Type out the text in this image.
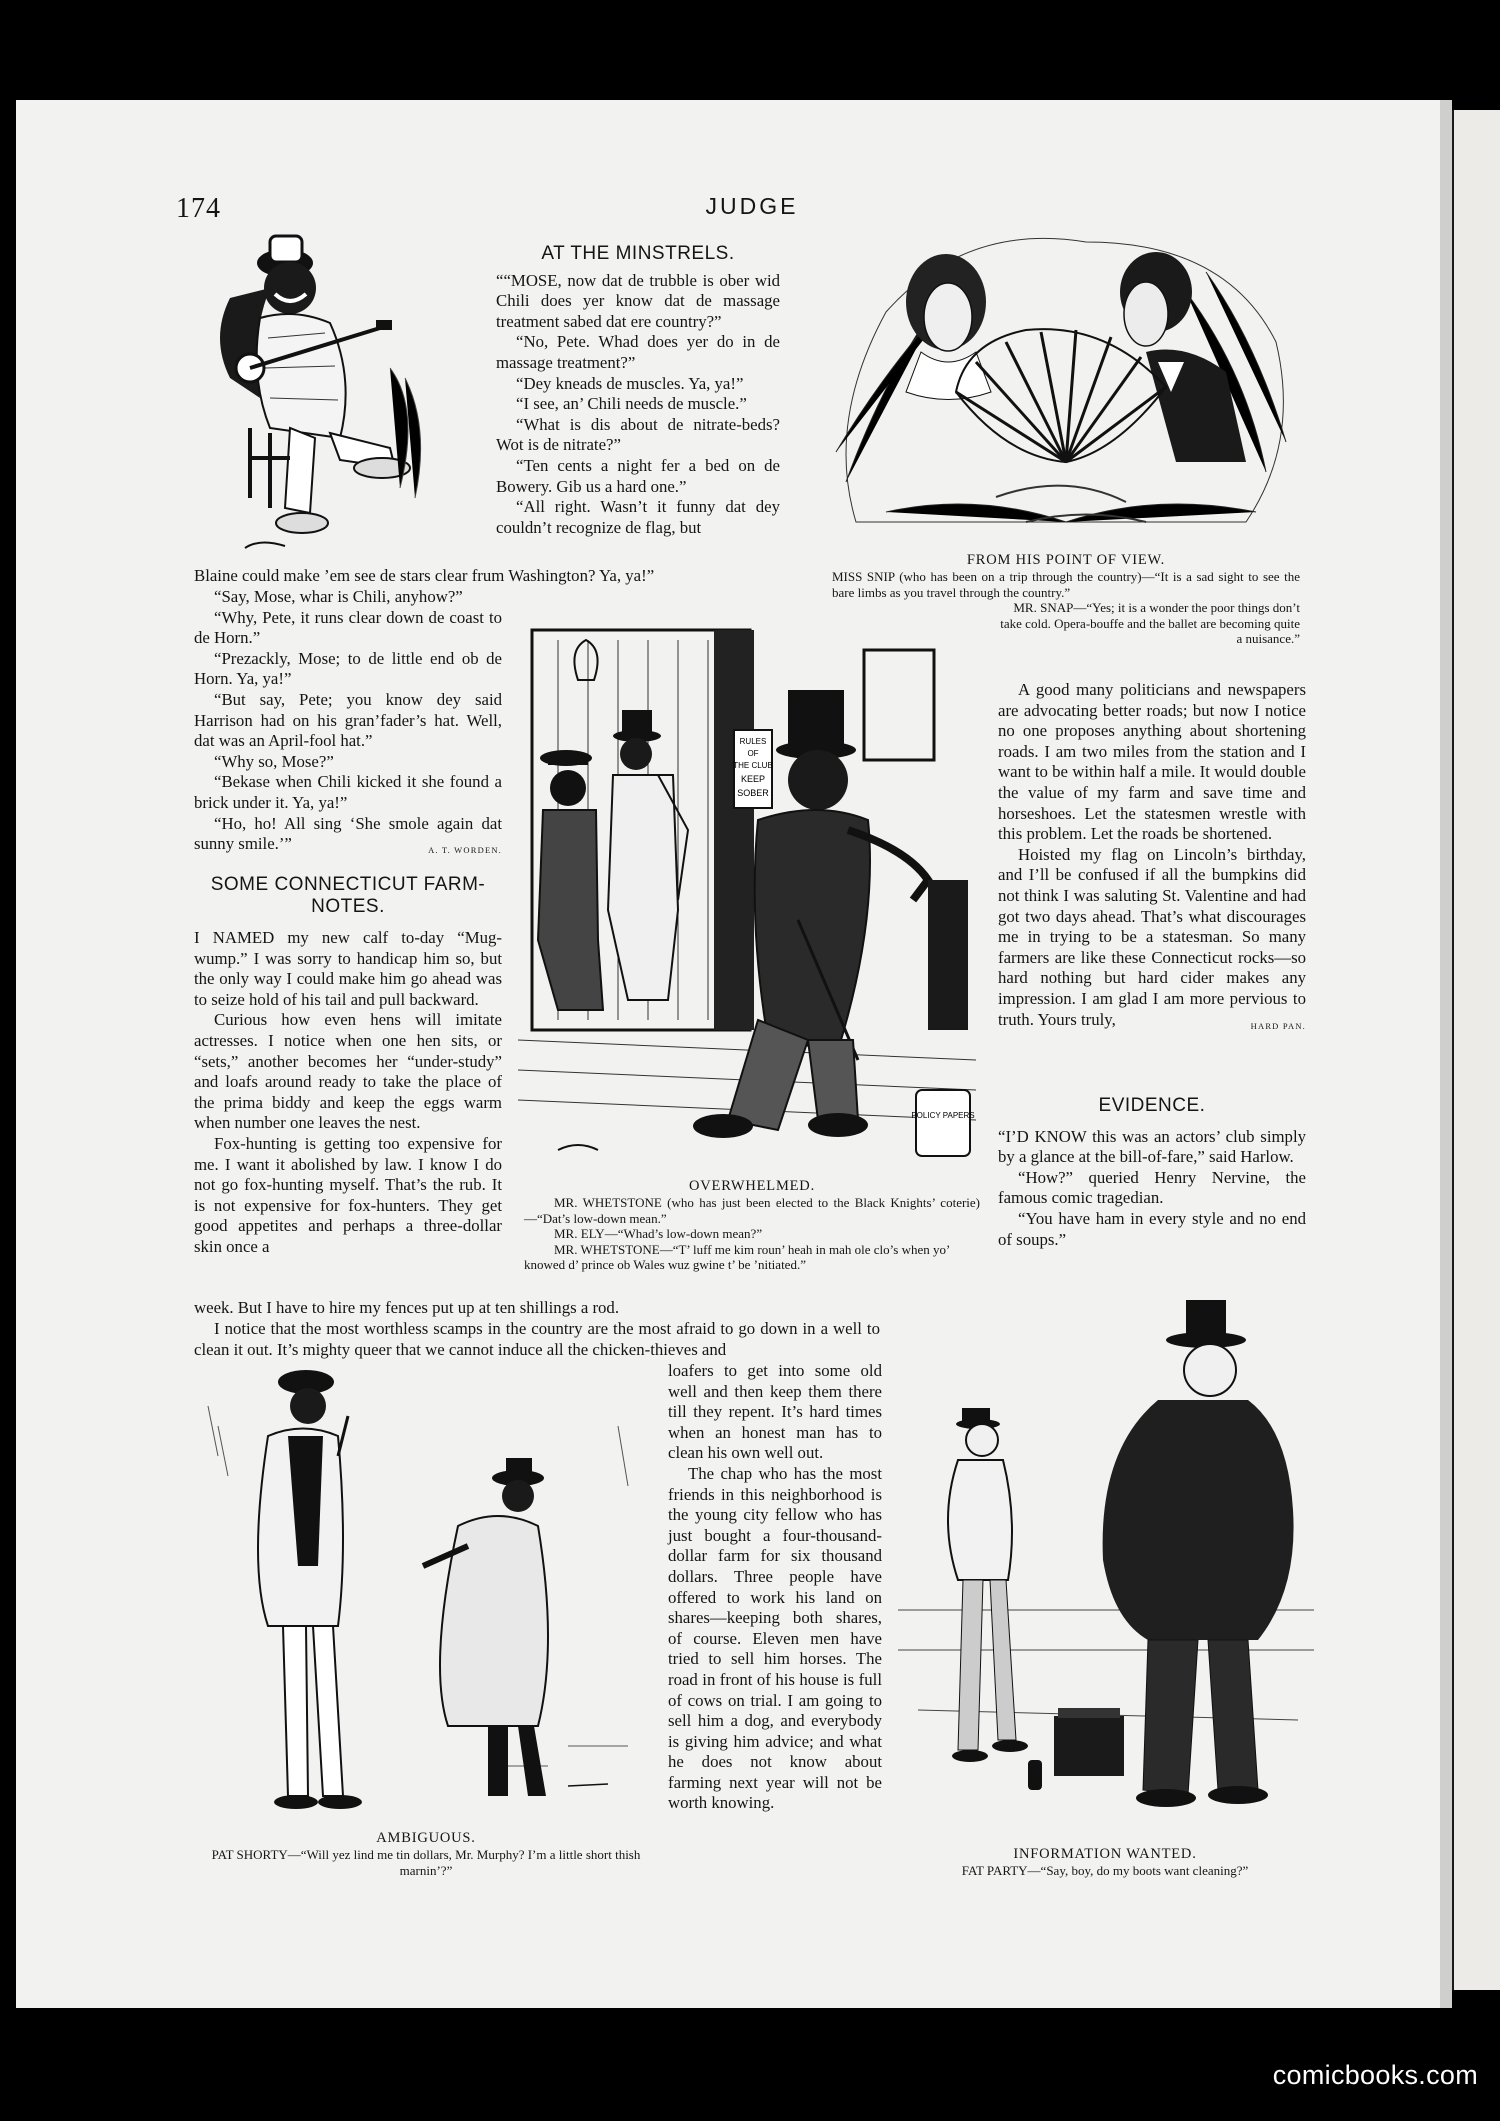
174	JUDGE
AT THE MINSTRELS.

““MOSE, now dat de trubble is ober wid Chili does yer know dat de massage treatment sabed dat ere country?”

“No, Pete. Whad does yer do in de massage treatment?”

“Dey kneads de muscles. Ya, ya!”

“I see, an’ Chili needs de muscle.”

“What is dis about de nitrate-beds? Wot is de nitrate?”

“Ten cents a night fer a bed on de Bowery. Gib us a hard one.”

“All right. Wasn’t it funny dat dey couldn’t recognize de flag, but

Blaine could make ’em see de stars clear frum Washington? Ya, ya!”

“Say, Mose, whar is Chili, anyhow?”

“Why, Pete, it runs clear down de coast to de Horn.”

“Prezackly, Mose; to de little end ob de Horn. Ya, ya!”

“But say, Pete; you know dey said Harrison had on his gran’fader’s hat. Well, dat was an April-fool hat.”

“Why so, Mose?”

“Bekase when Chili kicked it she found a brick under it. Ya, ya!”

“Ho, ho! All sing ‘She smole again dat sunny smile.’”	A. T. WORDEN.

SOME CONNECTICUT FARM-NOTES.

I NAMED my new calf to-day “Mug-wump.” I was sorry to handicap him so, but the only way I could make him go ahead was to seize hold of his tail and pull backward.

Curious how even hens will imitate actresses. I notice when one hen sits, or “sets,” another becomes her “under-study” and loafs around ready to take the place of the prima biddy and keep the eggs warm when number one leaves the nest.

Fox-hunting is getting too expensive for me. I want it abolished by law. I know I do not go fox-hunting myself. That’s the rub. It is not expensive for fox-hunters. They get good appetites and perhaps a three-dollar skin once a

week. But I have to hire my fences put up at ten shillings a rod.

I notice that the most worthless scamps in the country are the most afraid to go down in a well to clean it out. It’s mighty queer that we cannot induce all the chicken-thieves and

loafers to get into some old well and then keep them there till they repent. It’s hard times when an honest man has to clean his own well out.

The chap who has the most friends in this neighborhood is the young city fellow who has just bought a four-thousand-dollar farm for six thousand dollars. Three people have offered to work his land on shares—keeping both shares, of course. Eleven men have tried to sell him horses. The road in front of his house is full of cows on trial. I am going to sell him a dog, and everybody is giving him advice; and what he does not know about farming next year will not be worth knowing.

A good many politicians and newspapers are advocating better roads; but now I notice no one proposes anything about shortening roads. I am two miles from the station and I want to be within half a mile. It would double the value of my farm and save time and horseshoes. Let the statesmen wrestle with this problem. Let the roads be shortened.

Hoisted my flag on Lincoln’s birthday, and I’ll be confused if all the bumpkins did not think I was saluting St. Valentine and had got two days ahead. That’s what discourages me in trying to be a statesman. So many farmers are like these Connecticut rocks—so hard nothing but hard cider makes any impression. I am glad I am more pervious to truth. Yours truly,	HARD PAN.

EVIDENCE.

“I’D KNOW this was an actors’ club simply by a glance at the bill-of-fare,” said Harlow.

“How?” queried Henry Nervine, the famous comic tragedian.

“You have ham in every style and no end of soups.”

FROM HIS POINT OF VIEW.
MISS SNIP (who has been on a trip through the country)—“It is a sad sight to see the bare limbs as you travel through the country.”
MR. SNAP—“Yes; it is a wonder the poor things don’t take cold. Opera-bouffe and the ballet are becoming quite a nuisance.”
RULES
OF
THE CLUB
KEEP
SOBER
POLICY PAPERS
OVERWHELMED.
MR. WHETSTONE (who has just been elected to the Black Knights’ coterie)—“Dat’s low-down mean.”
MR. ELY—“Whad’s low-down mean?”
MR. WHETSTONE—“T’ luff me kim roun’ heah in mah ole clo’s when yo’ knowed d’ prince ob Wales wuz gwine t’ be ’nitiated.”
AMBIGUOUS.
PAT SHORTY—“Will yez lind me tin dollars, Mr. Murphy? I’m a little short thish marnin’?”
INFORMATION WANTED.
FAT PARTY—“Say, boy, do my boots want cleaning?”
comicbooks.com
